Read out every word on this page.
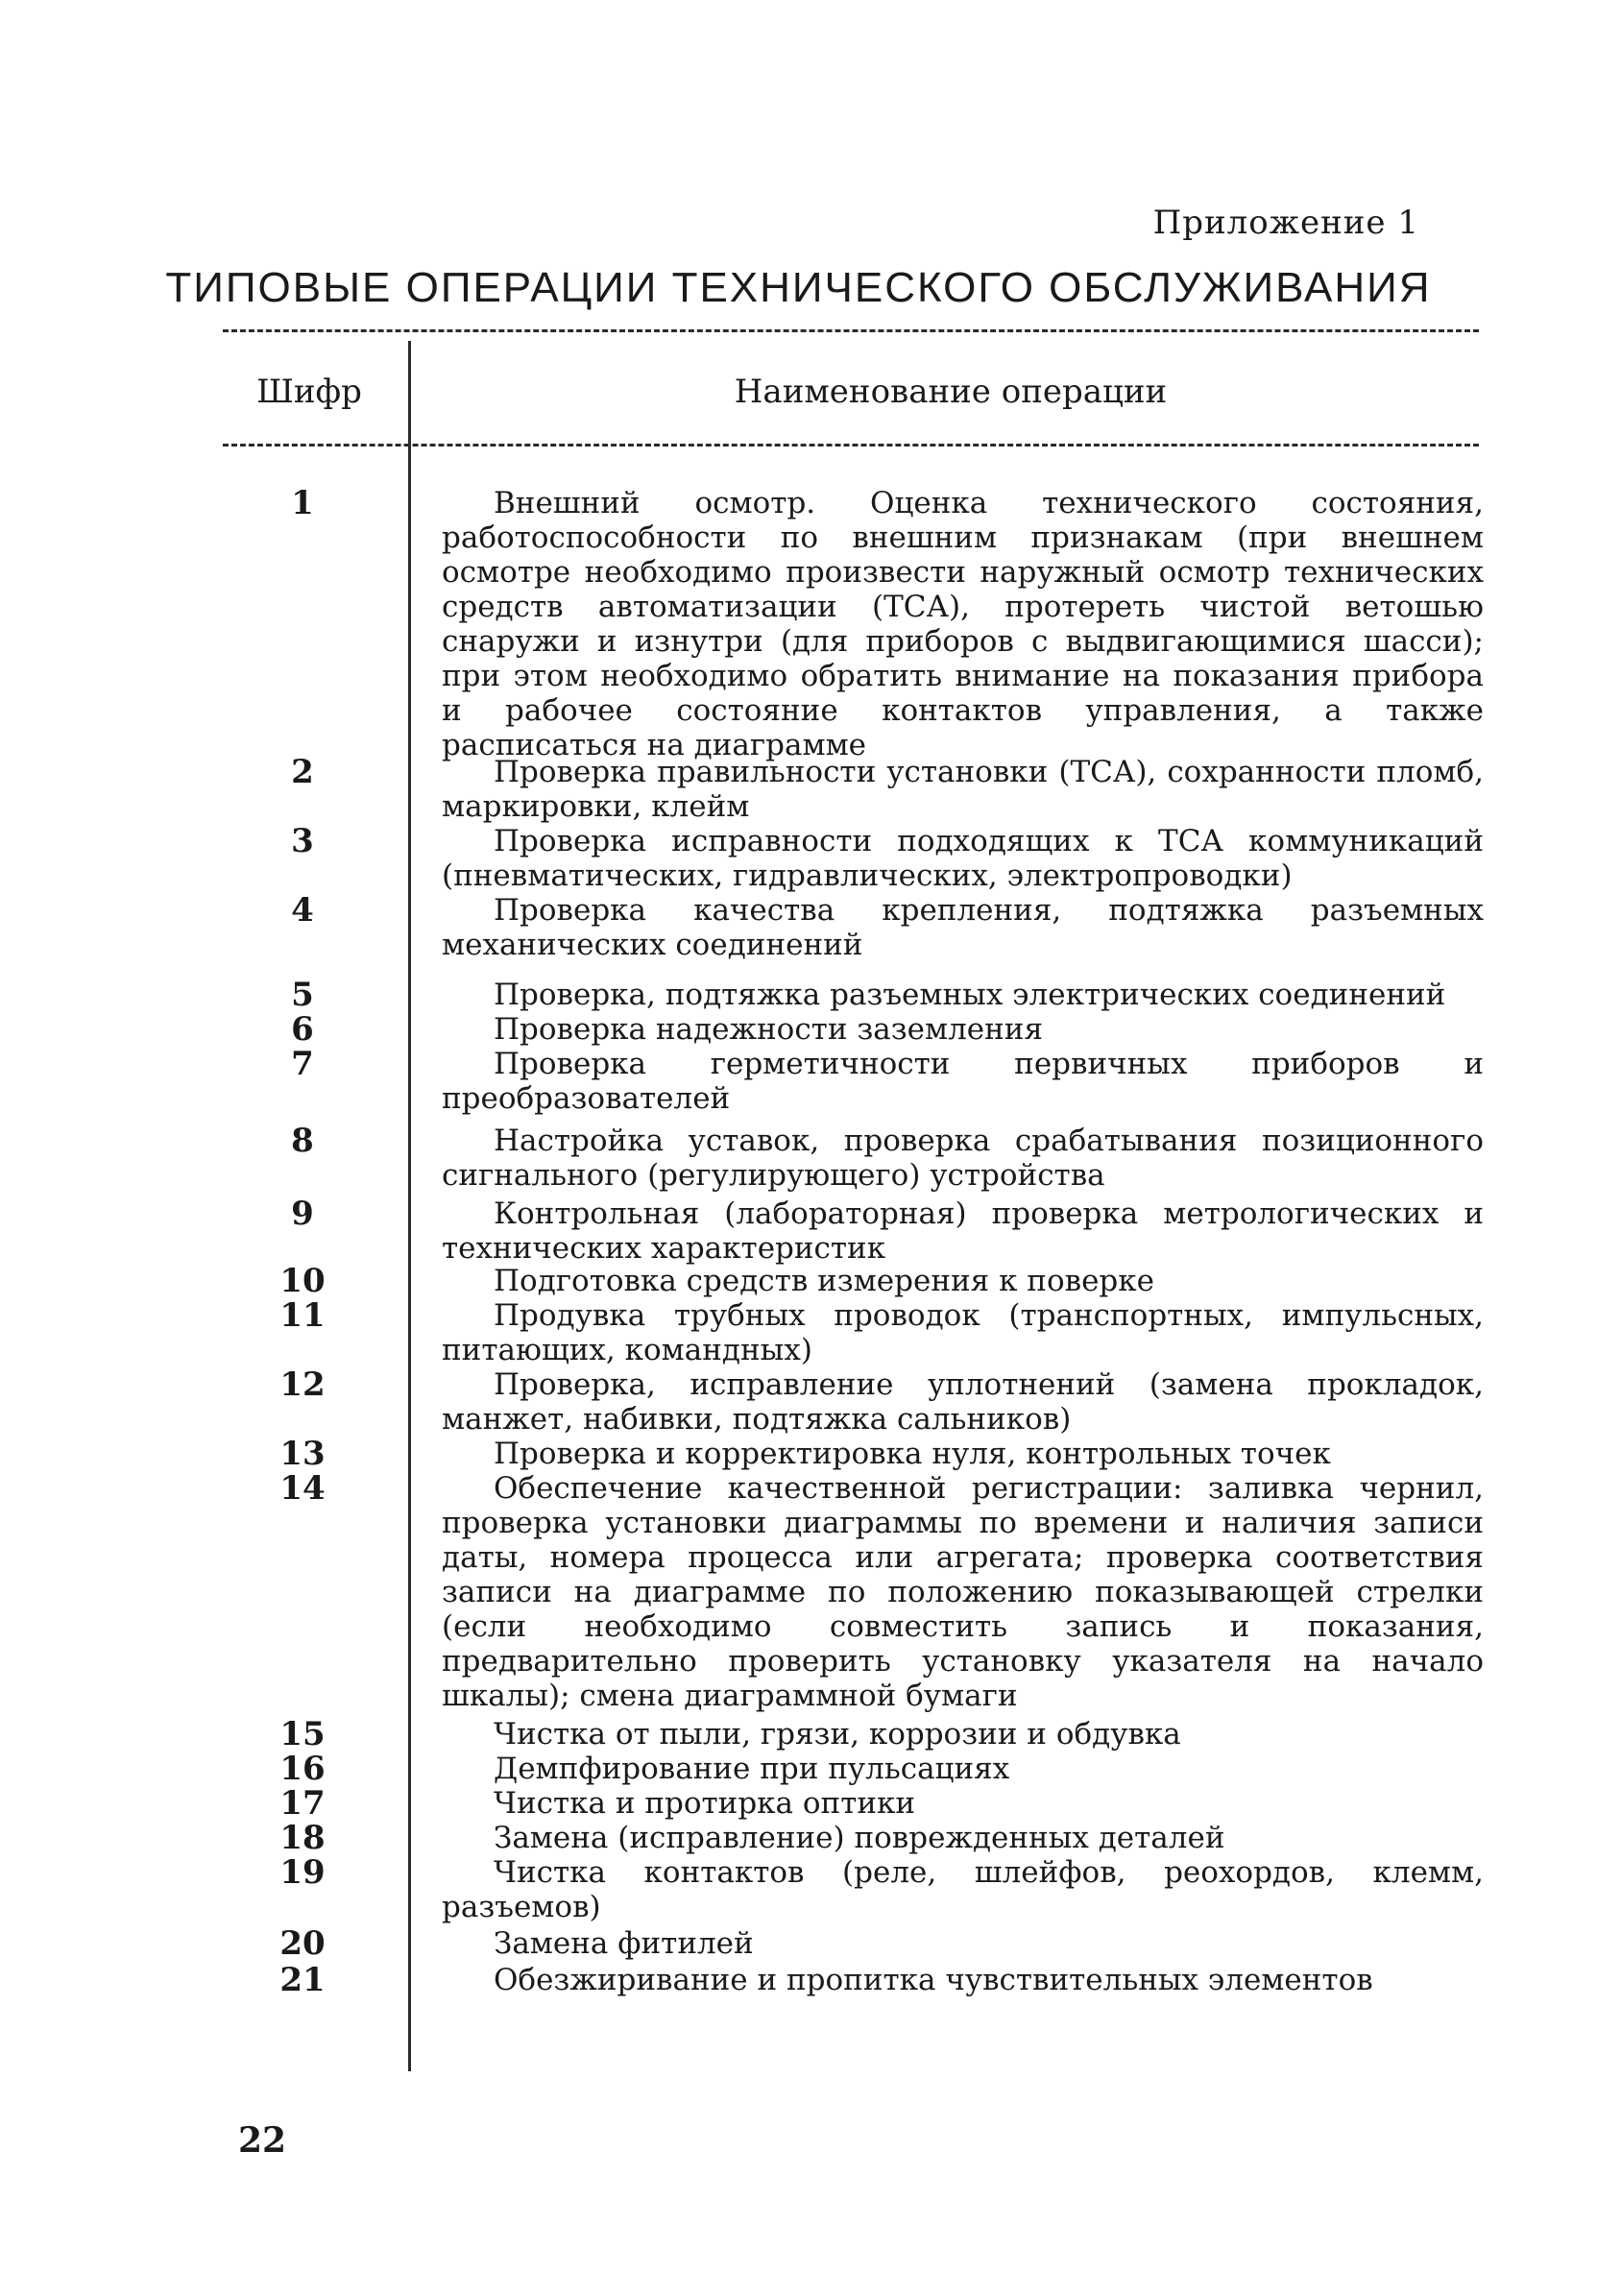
Приложение 1
ТИПОВЫЕ ОПЕРАЦИИ ТЕХНИЧЕСКОГО ОБСЛУЖИВАНИЯ
Шифр	Наименование операции
1
2
3
4
5
6
7
8
9
10
11
12
13
14
15
16
17
18
19
20
21
Внешний осмотр. Оценка технического состояния, работоспособности по внешним признакам (при внешнем осмотре необходимо произвести наружный осмотр технических средств автоматизации (ТСА), протереть чистой ветошью снаружи и изнутри (для приборов с выдвигающимися шасси); при этом необходимо обратить внимание на показания прибора и рабочее состояние контактов управления, а также расписаться на диаграмме
Проверка правильности установки (ТСА), сохранности пломб, маркировки, клейм
Проверка исправности подходящих к ТСА коммуникаций (пневматических, гидравлических, электропроводки)
Проверка качества крепления, подтяжка разъемных механических соединений
Проверка, подтяжка разъемных электрических соединений
Проверка надежности заземления
Проверка герметичности первичных приборов и преобразователей
Настройка уставок, проверка срабатывания позиционного сигнального (регулирующего) устройства
Контрольная (лабораторная) проверка метрологических и технических характеристик
Подготовка средств измерения к поверке
Продувка трубных проводок (транспортных, импульсных, питающих, командных)
Проверка, исправление уплотнений (замена прокладок, манжет, набивки, подтяжка сальников)
Проверка и корректировка нуля, контрольных точек
Обеспечение качественной регистрации: заливка чернил, проверка установки диаграммы по времени и наличия записи даты, номера процесса или агрегата; проверка соответствия записи на диаграмме по положению показывающей стрелки (если необходимо совместить запись и показания, предварительно проверить установку указателя на начало шкалы); смена диаграммной бумаги
Чистка от пыли, грязи, коррозии и обдувка
Демпфирование при пульсациях
Чистка и протирка оптики
Замена (исправление) поврежденных деталей
Чистка контактов (реле, шлейфов, реохордов, клемм, разъемов)
Замена фитилей
Обезжиривание и пропитка чувствительных элементов
22
